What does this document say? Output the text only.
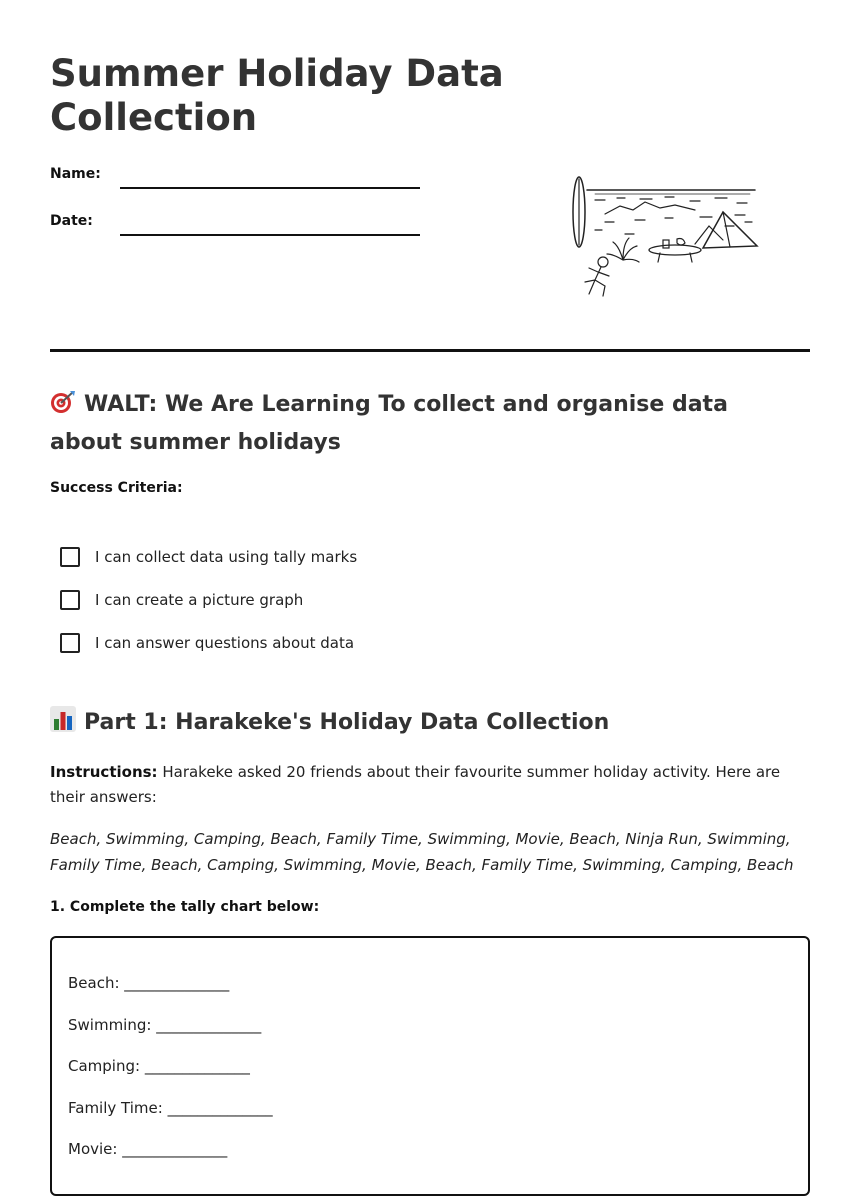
Summer Holiday Data Collection
Name:
Date:
WALT: We Are Learning To collect and organise data about summer holidays
Success Criteria:
I can collect data using tally marks
I can create a picture graph
I can answer questions about data
Part 1: Harakeke's Holiday Data Collection
Instructions: Harakeke asked 20 friends about their favourite summer holiday activity. Here are their answers:
Beach, Swimming, Camping, Beach, Family Time, Swimming, Movie, Beach, Ninja Run, Swimming, Family Time, Beach, Camping, Swimming, Movie, Beach, Family Time, Swimming, Camping, Beach
1. Complete the tally chart below:
Beach: ______________
Swimming: ______________
Camping: ______________
Family Time: ______________
Movie: ______________
